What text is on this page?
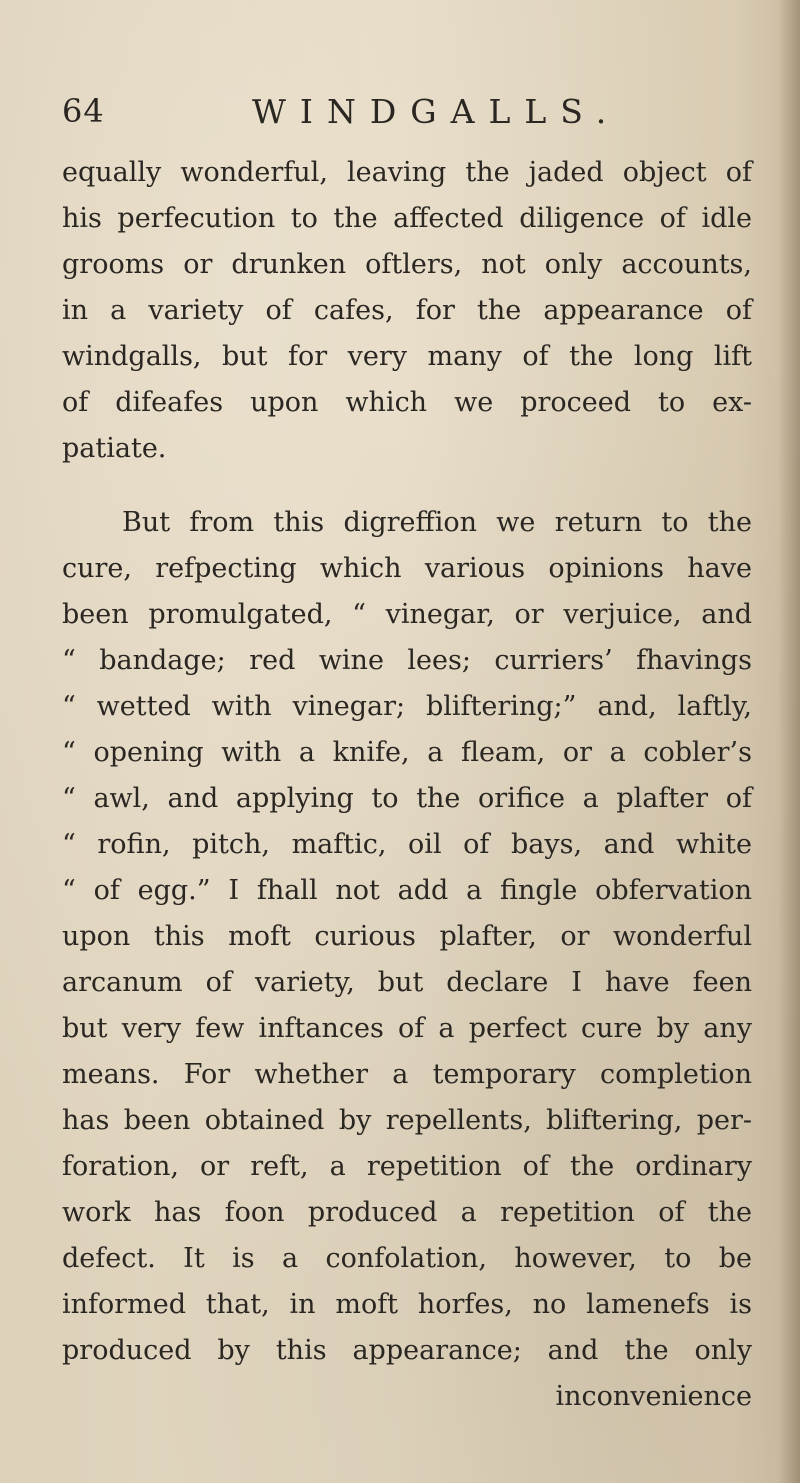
64	WINDGALLS.
equally wonderful, leaving the jaded object of
his perfecution to the affected diligence of idle
grooms or drunken oftlers, not only accounts,
in a variety of cafes, for the appearance of
windgalls, but for very many of the long lift
of difeafes upon which we proceed to ex-
patiate.
But from this digreffion we return to the
cure, refpecting which various opinions have
been promulgated, “ vinegar, or verjuice, and
“ bandage; red wine lees; curriers’ fhavings
“ wetted with vinegar; bliftering;” and, laftly,
“ opening with a knife, a fleam, or a cobler’s
“ awl, and applying to the orifice a plafter of
“ rofin, pitch, maftic, oil of bays, and white
“ of egg.” I fhall not add a fingle obfervation
upon this moft curious plafter, or wonderful
arcanum of variety, but declare I have feen
but very few inftances of a perfect cure by any
means. For whether a temporary completion
has been obtained by repellents, bliftering, per-
foration, or reft, a repetition of the ordinary
work has foon produced a repetition of the
defect. It is a confolation, however, to be
informed that, in moft horfes, no lamenefs is
produced by this appearance; and the only
inconvenience
